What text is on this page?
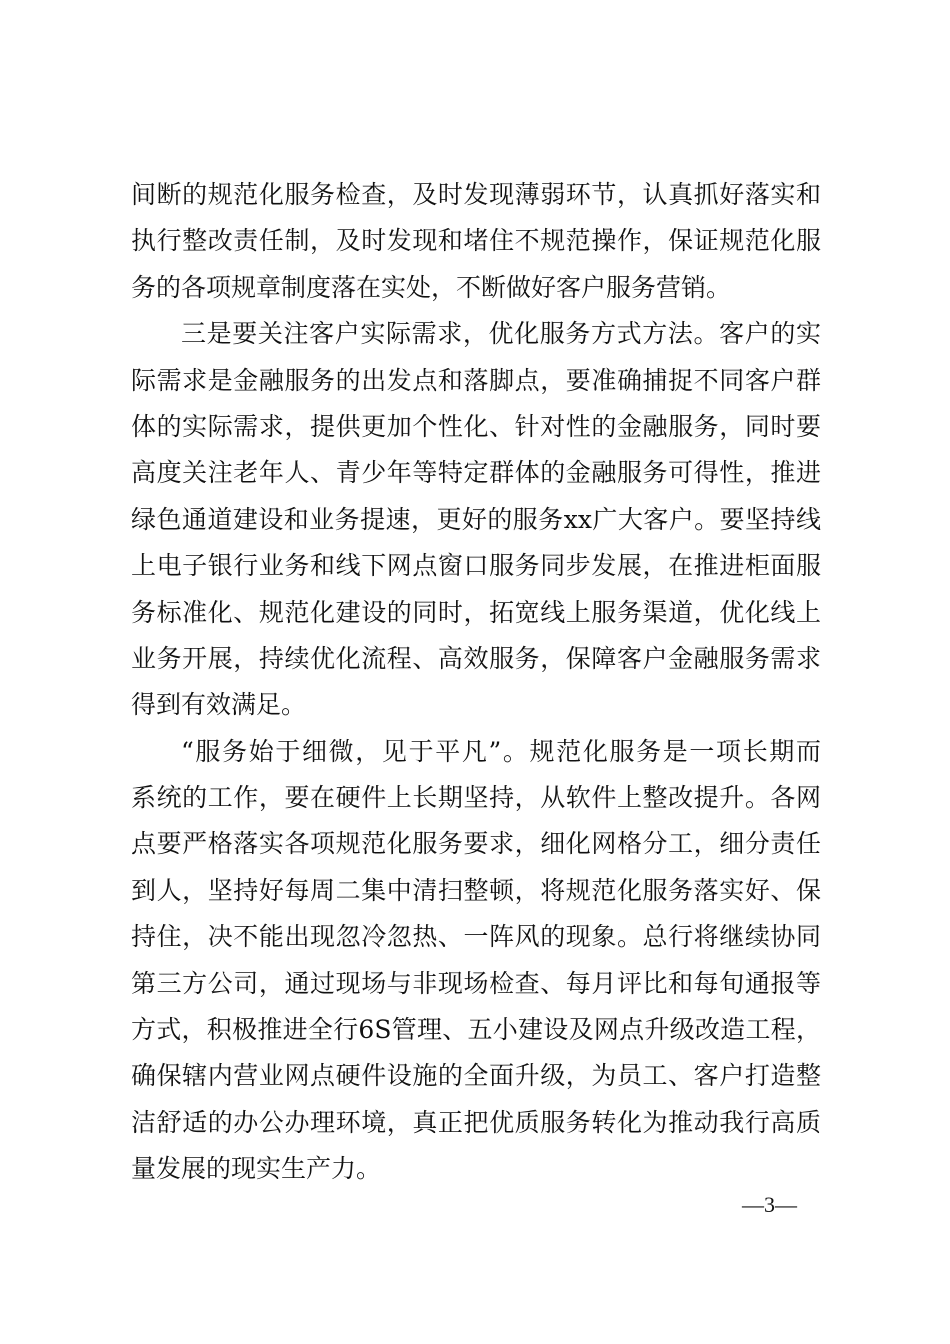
间断的规范化服务检查，及时发现薄弱环节，认真抓好落实和
执行整改责任制，及时发现和堵住不规范操作，保证规范化服
务的各项规章制度落在实处，不断做好客户服务营销。
三是要关注客户实际需求，优化服务方式方法。客户的实
际需求是金融服务的出发点和落脚点，要准确捕捉不同客户群
体的实际需求，提供更加个性化、针对性的金融服务，同时要
高度关注老年人、青少年等特定群体的金融服务可得性，推进
绿色通道建设和业务提速，更好的服务xx广大客户。要坚持线
上电子银行业务和线下网点窗口服务同步发展，在推进柜面服
务标准化、规范化建设的同时，拓宽线上服务渠道，优化线上
业务开展，持续优化流程、高效服务，保障客户金融服务需求
得到有效满足。
“服务始于细微，见于平凡”。规范化服务是一项长期而
系统的工作，要在硬件上长期坚持，从软件上整改提升。各网
点要严格落实各项规范化服务要求，细化网格分工，细分责任
到人，坚持好每周二集中清扫整顿，将规范化服务落实好、保
持住，决不能出现忽冷忽热、一阵风的现象。总行将继续协同
第三方公司，通过现场与非现场检查、每月评比和每旬通报等
方式，积极推进全行6S管理、五小建设及网点升级改造工程，
确保辖内营业网点硬件设施的全面升级，为员工、客户打造整
洁舒适的办公办理环境，真正把优质服务转化为推动我行高质
量发展的现实生产力。
—3—
